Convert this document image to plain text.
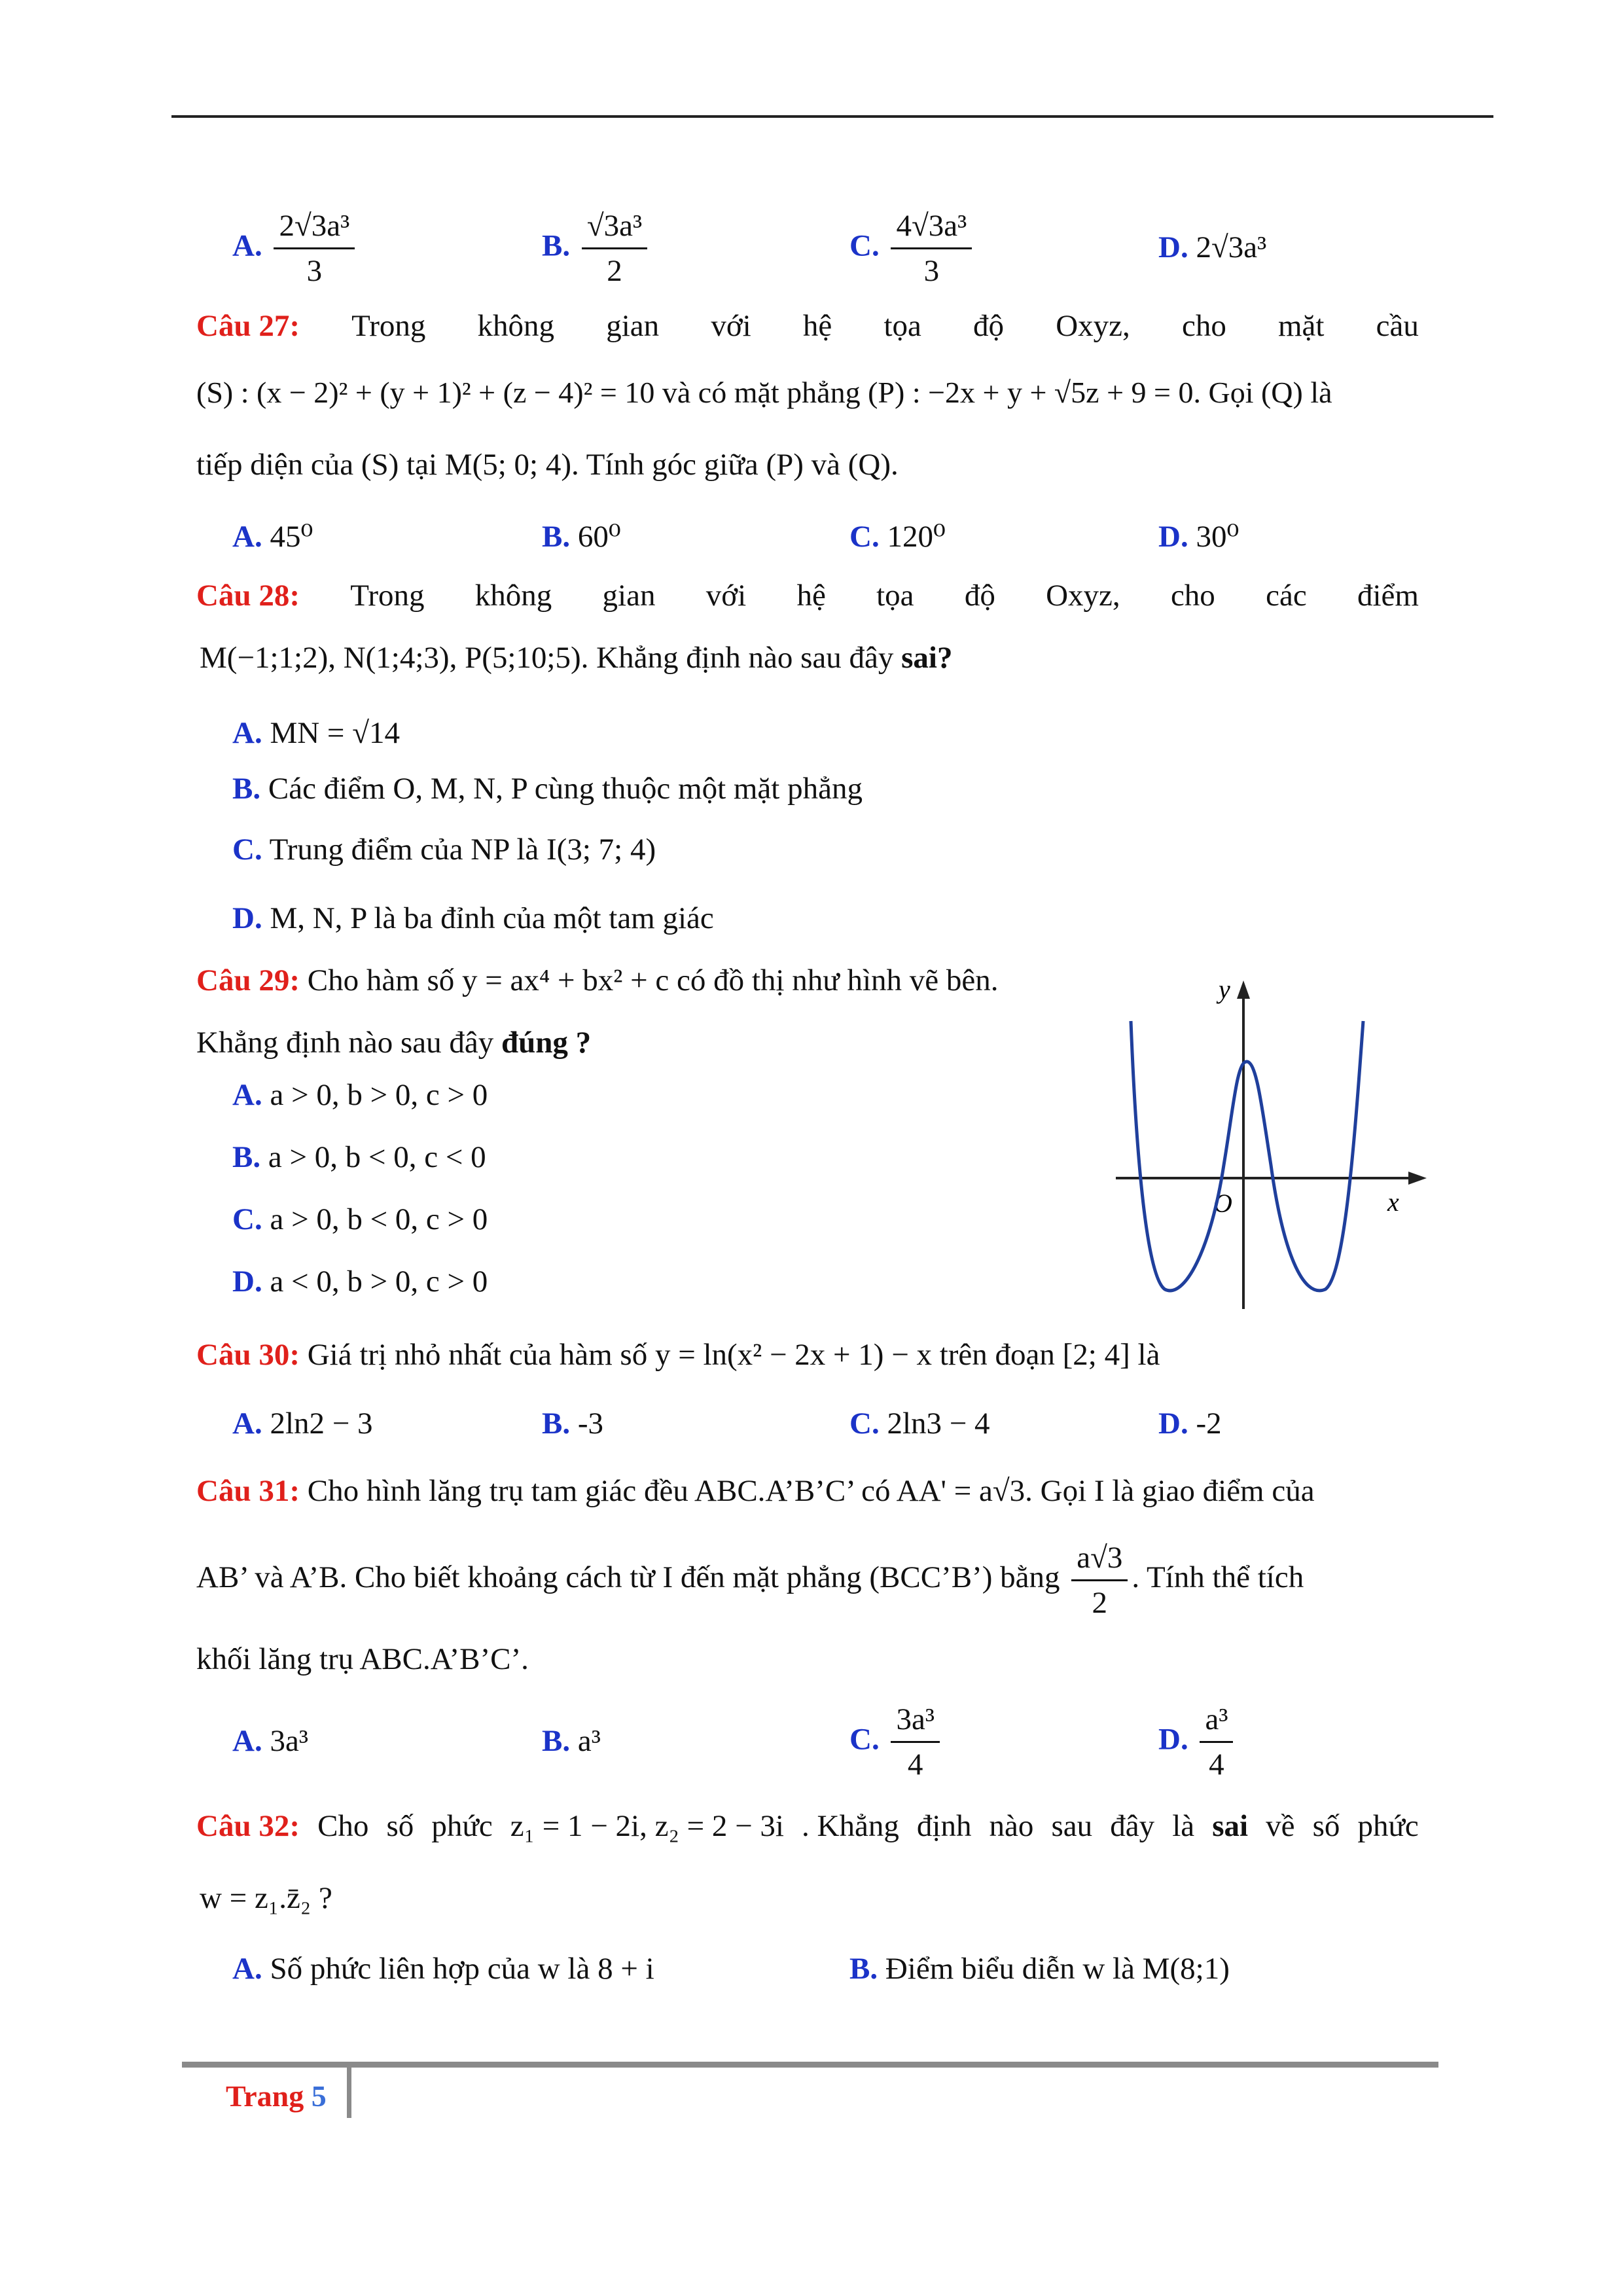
A. $\frac{\text{2√3a³}}{3}$	B. $\frac{\text{√3a³}}{2}$	C. $\frac{\text{4√3a³}}{3}$	D. 2√3a³
Câu 27: Trong không gian với hệ tọa độ Oxyz, cho mặt cầu
(S) : (x − 2)² + (y + 1)² + (z − 4)² = 10 và có mặt phẳng (P) : −2x + y + √5z + 9 = 0. Gọi (Q) là
tiếp diện của (S) tại M(5; 0; 4). Tính góc giữa (P) và (Q).
A. 45⁰	B. 60⁰	C. 120⁰	D. 30⁰
Câu 28: Trong không gian với hệ tọa độ Oxyz, cho các điểm
M(−1;1;2), N(1;4;3), P(5;10;5). Khẳng định nào sau đây sai?
A. MN = √14
B. Các điểm O, M, N, P cùng thuộc một mặt phẳng
C. Trung điểm của NP là I(3; 7; 4)
D. M, N, P là ba đỉnh của một tam giác
Câu 29: Cho hàm số y = ax⁴ + bx² + c có đồ thị như hình vẽ bên.
Khẳng định nào sau đây đúng ?
A. a > 0, b > 0, c > 0
B. a > 0, b < 0, c < 0
C. a > 0, b < 0, c > 0
D. a < 0, b > 0, c > 0
y
x
O
Câu 30: Giá trị nhỏ nhất của hàm số y = ln(x² − 2x + 1) − x trên đoạn [2; 4] là
A. 2ln2 − 3	B. -3	C. 2ln3 − 4	D. -2
Câu 31: Cho hình lăng trụ tam giác đều ABC.A’B’C’ có AA' = a√3. Gọi I là giao điểm của
AB’ và A’B. Cho biết khoảng cách từ I đến mặt phẳng (BCC’B’) bằng $\frac{a√3}{2}$ . Tính thể tích
khối lăng trụ ABC.A’B’C’.
A. 3a³	B. a³	C. $\frac{\text{3a³}}{4}$	D. $\frac{\text{a³}}{4}$
Câu 32: Cho số phức z₁ = 1 − 2i, z₂ = 2 − 3i . Khẳng định nào sau đây là sai về số phức
w = z₁.z̄₂ ?
A. Số phức liên hợp của w là 8 + i	B. Điểm biểu diễn w là M(8;1)
Trang 5
